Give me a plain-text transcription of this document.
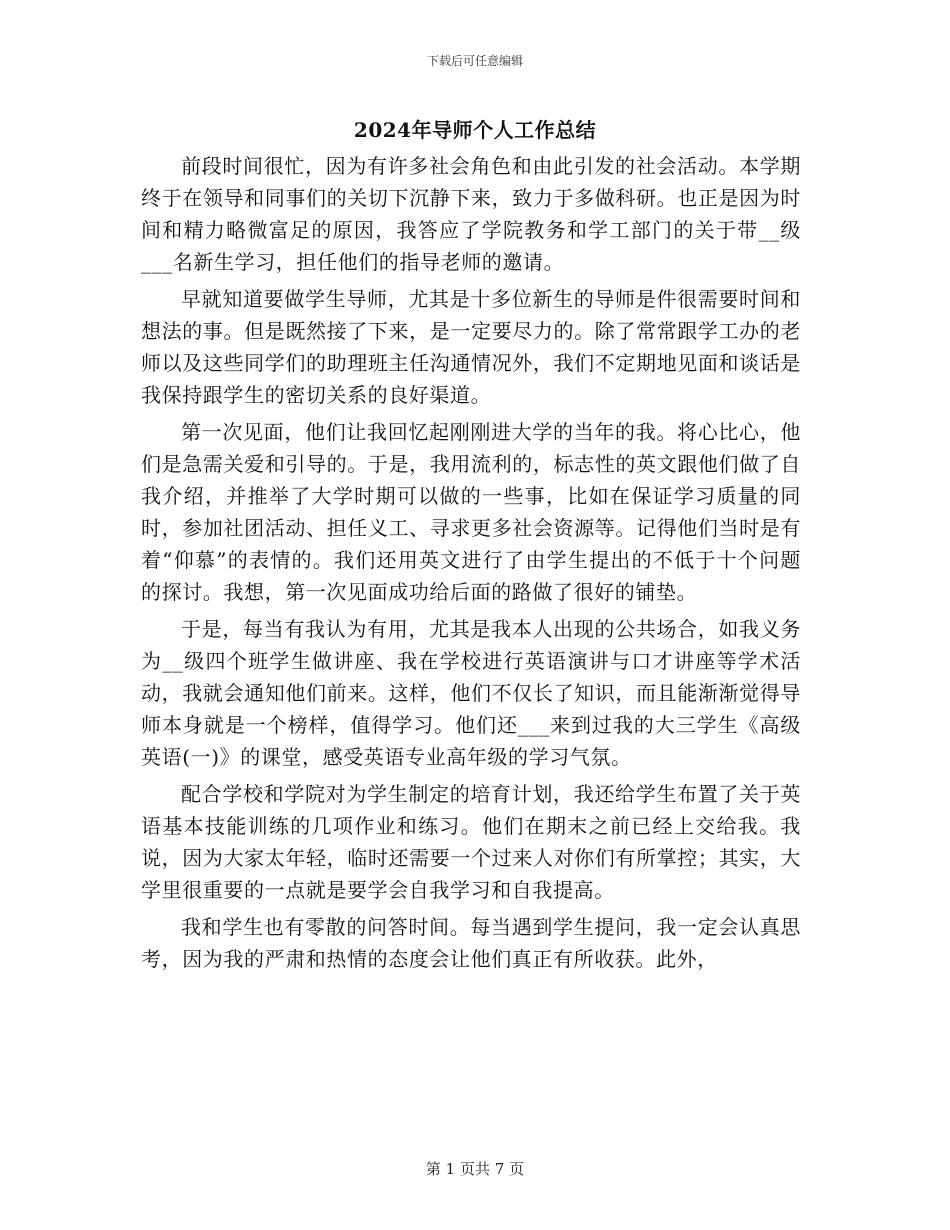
下载后可任意编辑
2024年导师个人工作总结

前段时间很忙，因为有许多社会角色和由此引发的社会活动。本学期终于在领导和同事们的关切下沉静下来，致力于多做科研。也正是因为时间和精力略微富足的原因，我答应了学院教务和学工部门的关于带__级___名新生学习，担任他们的指导老师的邀请。

早就知道要做学生导师，尤其是十多位新生的导师是件很需要时间和想法的事。但是既然接了下来，是一定要尽力的。除了常常跟学工办的老师以及这些同学们的助理班主任沟通情况外，我们不定期地见面和谈话是我保持跟学生的密切关系的良好渠道。

第一次见面，他们让我回忆起刚刚进大学的当年的我。将心比心，他们是急需关爱和引导的。于是，我用流利的，标志性的英文跟他们做了自我介绍，并推举了大学时期可以做的一些事，比如在保证学习质量的同时，参加社团活动、担任义工、寻求更多社会资源等。记得他们当时是有着“仰慕”的表情的。我们还用英文进行了由学生提出的不低于十个问题的探讨。我想，第一次见面成功给后面的路做了很好的铺垫。

于是，每当有我认为有用，尤其是我本人出现的公共场合，如我义务为__级四个班学生做讲座、我在学校进行英语演讲与口才讲座等学术活动，我就会通知他们前来。这样，他们不仅长了知识，而且能渐渐觉得导师本身就是一个榜样，值得学习。他们还___来到过我的大三学生《高级英语(一)》的课堂，感受英语专业高年级的学习气氛。

配合学校和学院对为学生制定的培育计划，我还给学生布置了关于英语基本技能训练的几项作业和练习。他们在期末之前已经上交给我。我说，因为大家太年轻，临时还需要一个过来人对你们有所掌控；其实，大学里很重要的一点就是要学会自我学习和自我提高。

我和学生也有零散的问答时间。每当遇到学生提问，我一定会认真思考，因为我的严肃和热情的态度会让他们真正有所收获。此外，

第 1 页共 7 页
